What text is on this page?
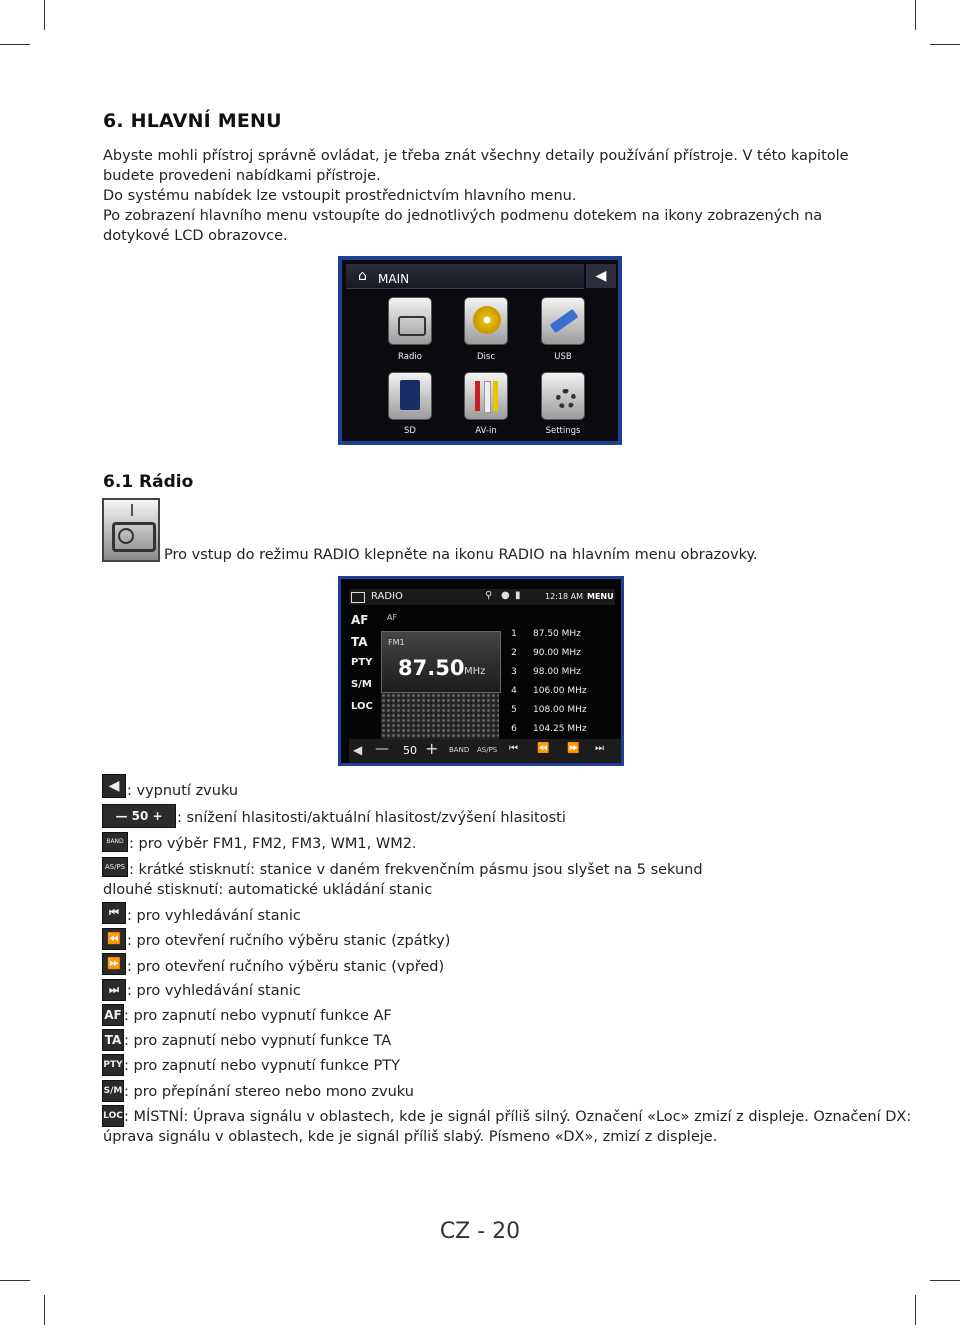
6. HLAVNÍ MENU

Abyste mohli přístroj správně ovládat, je třeba znát všechny detaily používání přístroje. V této kapitole budete provedeni nabídkami přístroje.

Do systému nabídek lze vstoupit prostřednictvím hlavního menu.

Po zobrazení hlavního menu vstoupíte do jednotlivých podmenu dotekem na ikony zobrazených na dotykové LCD obrazovce.

⌂ MAIN	◀
Radio	Disc	USB
SD	AV-in	Settings
6.1 Rádio

Pro vstup do režimu RADIO klepněte na ikonu RADIO na hlavním menu obrazovky.

RADIO	⚲ ● ▮	12:18 AM MENU
AF
TA
PTY
S/M
LOC
AF
FM1
87.50 MHz
1	87.50 MHz
2	90.00 MHz
3	98.00 MHz
4	106.00 MHz
5	108.00 MHz
6	104.25 MHz
◀ — 50 + BAND AS/PS ⏮ ⏪ ⏩ ⏭
◀ : vypnutí zvuku
— 50 + : snížení hlasitosti/aktuální hlasitost/zvýšení hlasitosti
BAND : pro výběr FM1, FM2, FM3, WM1, WM2.
AS/PS : krátké stisknutí: stanice v daném frekvenčním pásmu jsou slyšet na 5 sekund
dlouhé stisknutí: automatické ukládání stanic
⏮ : pro vyhledávání stanic
⏪ : pro otevření ručního výběru stanic (zpátky)
⏩ : pro otevření ručního výběru stanic (vpřed)
⏭ : pro vyhledávání stanic
AF : pro zapnutí nebo vypnutí funkce AF
TA : pro zapnutí nebo vypnutí funkce TA
PTY : pro zapnutí nebo vypnutí funkce PTY
S/M : pro přepínání stereo nebo mono zvuku
LOC : MÍSTNÍ: Úprava signálu v oblastech, kde je signál příliš silný. Označení «Loc» zmizí z displeje. Označení DX:
úprava signálu v oblastech, kde je signál příliš slabý. Písmeno «DX», zmizí z displeje.
CZ - 20
